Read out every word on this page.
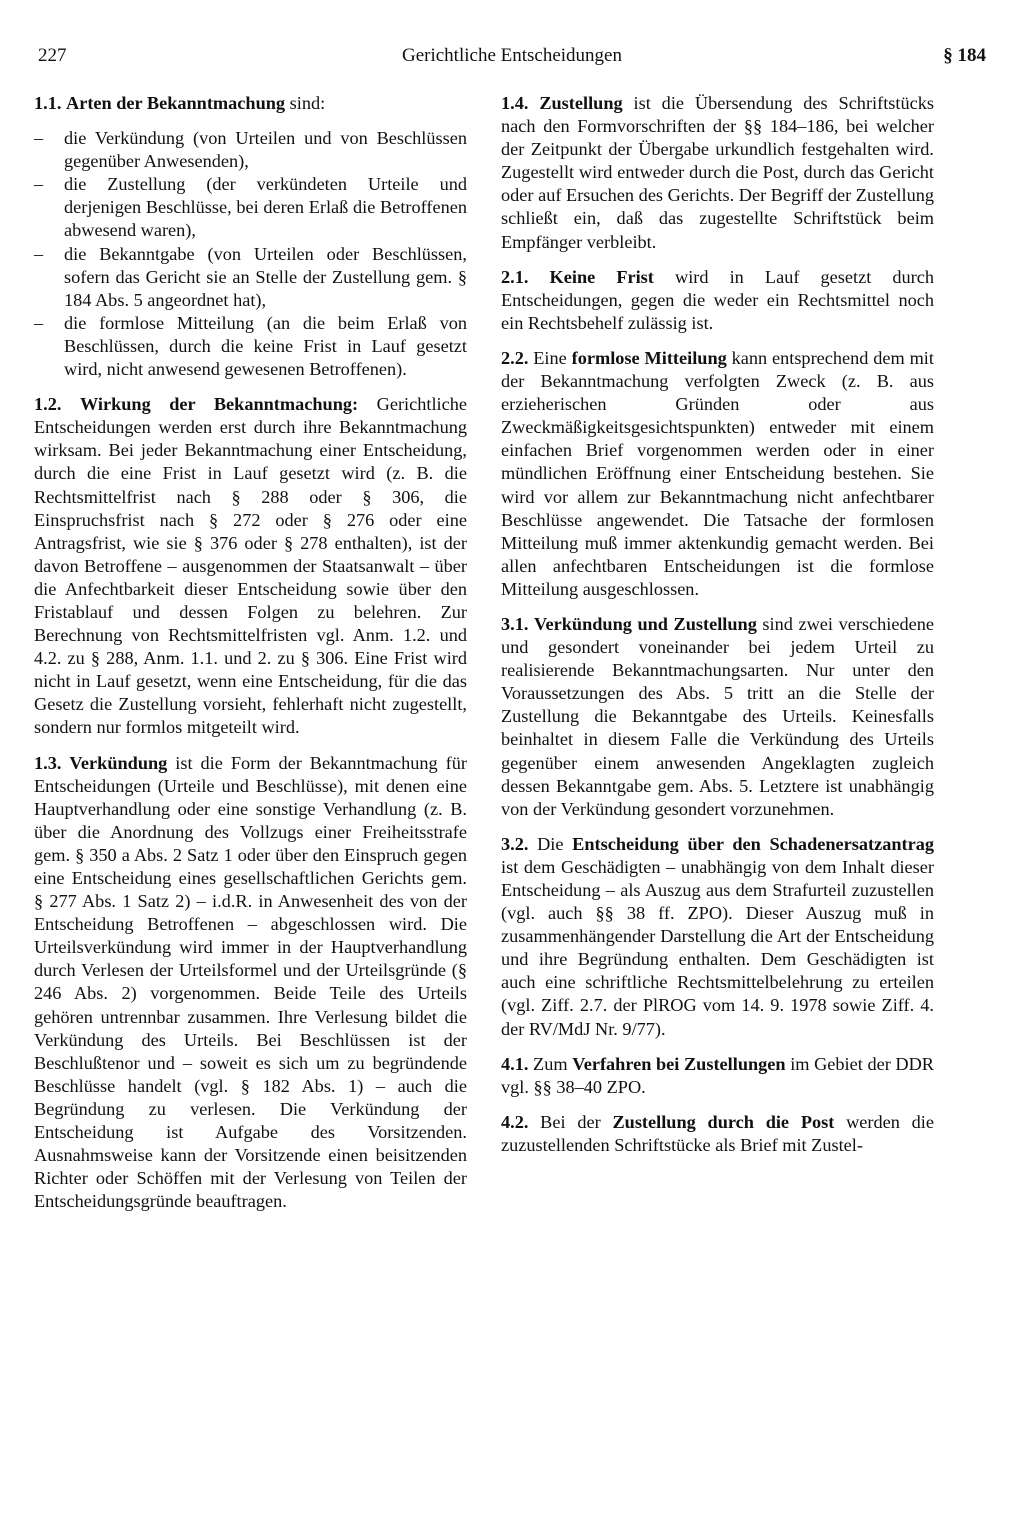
227	Gerichtliche Entscheidungen	§ 184

1.1. Arten der Bekanntmachung sind:

– die Verkündung (von Urteilen und von Beschlüssen gegenüber Anwesenden),
– die Zustellung (der verkündeten Urteile und derjenigen Beschlüsse, bei deren Erlaß die Betroffenen abwesend waren),
– die Bekanntgabe (von Urteilen oder Beschlüssen, sofern das Gericht sie an Stelle der Zustellung gem. § 184 Abs. 5 angeordnet hat),
– die formlose Mitteilung (an die beim Erlaß von Beschlüssen, durch die keine Frist in Lauf gesetzt wird, nicht anwesend gewesenen Betroffenen).

1.2. Wirkung der Bekanntmachung: Gerichtliche Entscheidungen werden erst durch ihre Bekanntmachung wirksam. Bei jeder Bekanntmachung einer Entscheidung, durch die eine Frist in Lauf gesetzt wird (z. B. die Rechtsmittelfrist nach § 288 oder § 306, die Einspruchsfrist nach § 272 oder § 276 oder eine Antragsfrist, wie sie § 376 oder § 278 enthalten), ist der davon Betroffene – ausgenommen der Staatsanwalt – über die Anfechtbarkeit dieser Entscheidung sowie über den Fristablauf und dessen Folgen zu belehren. Zur Berechnung von Rechtsmittelfristen vgl. Anm. 1.2. und 4.2. zu § 288, Anm. 1.1. und 2. zu § 306. Eine Frist wird nicht in Lauf gesetzt, wenn eine Entscheidung, für die das Gesetz die Zustellung vorsieht, fehlerhaft nicht zugestellt, sondern nur formlos mitgeteilt wird.

1.3. Verkündung ist die Form der Bekanntmachung für Entscheidungen (Urteile und Beschlüsse), mit denen eine Hauptverhandlung oder eine sonstige Verhandlung (z. B. über die Anordnung des Vollzugs einer Freiheitsstrafe gem. § 350 a Abs. 2 Satz 1 oder über den Einspruch gegen eine Entscheidung eines gesellschaftlichen Gerichts gem. § 277 Abs. 1 Satz 2) – i.d.R. in Anwesenheit des von der Entscheidung Betroffenen – abgeschlossen wird. Die Urteilsverkündung wird immer in der Hauptverhandlung durch Verlesen der Urteilsformel und der Urteilsgründe (§ 246 Abs. 2) vorgenommen. Beide Teile des Urteils gehören untrennbar zusammen. Ihre Verlesung bildet die Verkündung des Urteils. Bei Beschlüssen ist der Beschlußtenor und – soweit es sich um zu begründende Beschlüsse handelt (vgl. § 182 Abs. 1) – auch die Begründung zu verlesen. Die Verkündung der Entscheidung ist Aufgabe des Vorsitzenden. Ausnahmsweise kann der Vorsitzende einen beisitzenden Richter oder Schöffen mit der Verlesung von Teilen der Entscheidungsgründe beauftragen.

1.4. Zustellung ist die Übersendung des Schriftstücks nach den Formvorschriften der §§ 184–186, bei welcher der Zeitpunkt der Übergabe urkundlich festgehalten wird. Zugestellt wird entweder durch die Post, durch das Gericht oder auf Ersuchen des Gerichts. Der Begriff der Zustellung schließt ein, daß das zugestellte Schriftstück beim Empfänger verbleibt.

2.1. Keine Frist wird in Lauf gesetzt durch Entscheidungen, gegen die weder ein Rechtsmittel noch ein Rechtsbehelf zulässig ist.

2.2. Eine formlose Mitteilung kann entsprechend dem mit der Bekanntmachung verfolgten Zweck (z. B. aus erzieherischen Gründen oder aus Zweckmäßigkeitsgesichtspunkten) entweder mit einem einfachen Brief vorgenommen werden oder in einer mündlichen Eröffnung einer Entscheidung bestehen. Sie wird vor allem zur Bekanntmachung nicht anfechtbarer Beschlüsse angewendet. Die Tatsache der formlosen Mitteilung muß immer aktenkundig gemacht werden. Bei allen anfechtbaren Entscheidungen ist die formlose Mitteilung ausgeschlossen.

3.1. Verkündung und Zustellung sind zwei verschiedene und gesondert voneinander bei jedem Urteil zu realisierende Bekanntmachungsarten. Nur unter den Voraussetzungen des Abs. 5 tritt an die Stelle der Zustellung die Bekanntgabe des Urteils. Keinesfalls beinhaltet in diesem Falle die Verkündung des Urteils gegenüber einem anwesenden Angeklagten zugleich dessen Bekanntgabe gem. Abs. 5. Letztere ist unabhängig von der Verkündung gesondert vorzunehmen.

3.2. Die Entscheidung über den Schadenersatzantrag ist dem Geschädigten – unabhängig von dem Inhalt dieser Entscheidung – als Auszug aus dem Strafurteil zuzustellen (vgl. auch §§ 38 ff. ZPO). Dieser Auszug muß in zusammenhängender Darstellung die Art der Entscheidung und ihre Begründung enthalten. Dem Geschädigten ist auch eine schriftliche Rechtsmittelbelehrung zu erteilen (vgl. Ziff. 2.7. der PlROG vom 14. 9. 1978 sowie Ziff. 4. der RV/MdJ Nr. 9/77).

4.1. Zum Verfahren bei Zustellungen im Gebiet der DDR vgl. §§ 38–40 ZPO.

4.2. Bei der Zustellung durch die Post werden die zuzustellenden Schriftstücke als Brief mit Zustel-
